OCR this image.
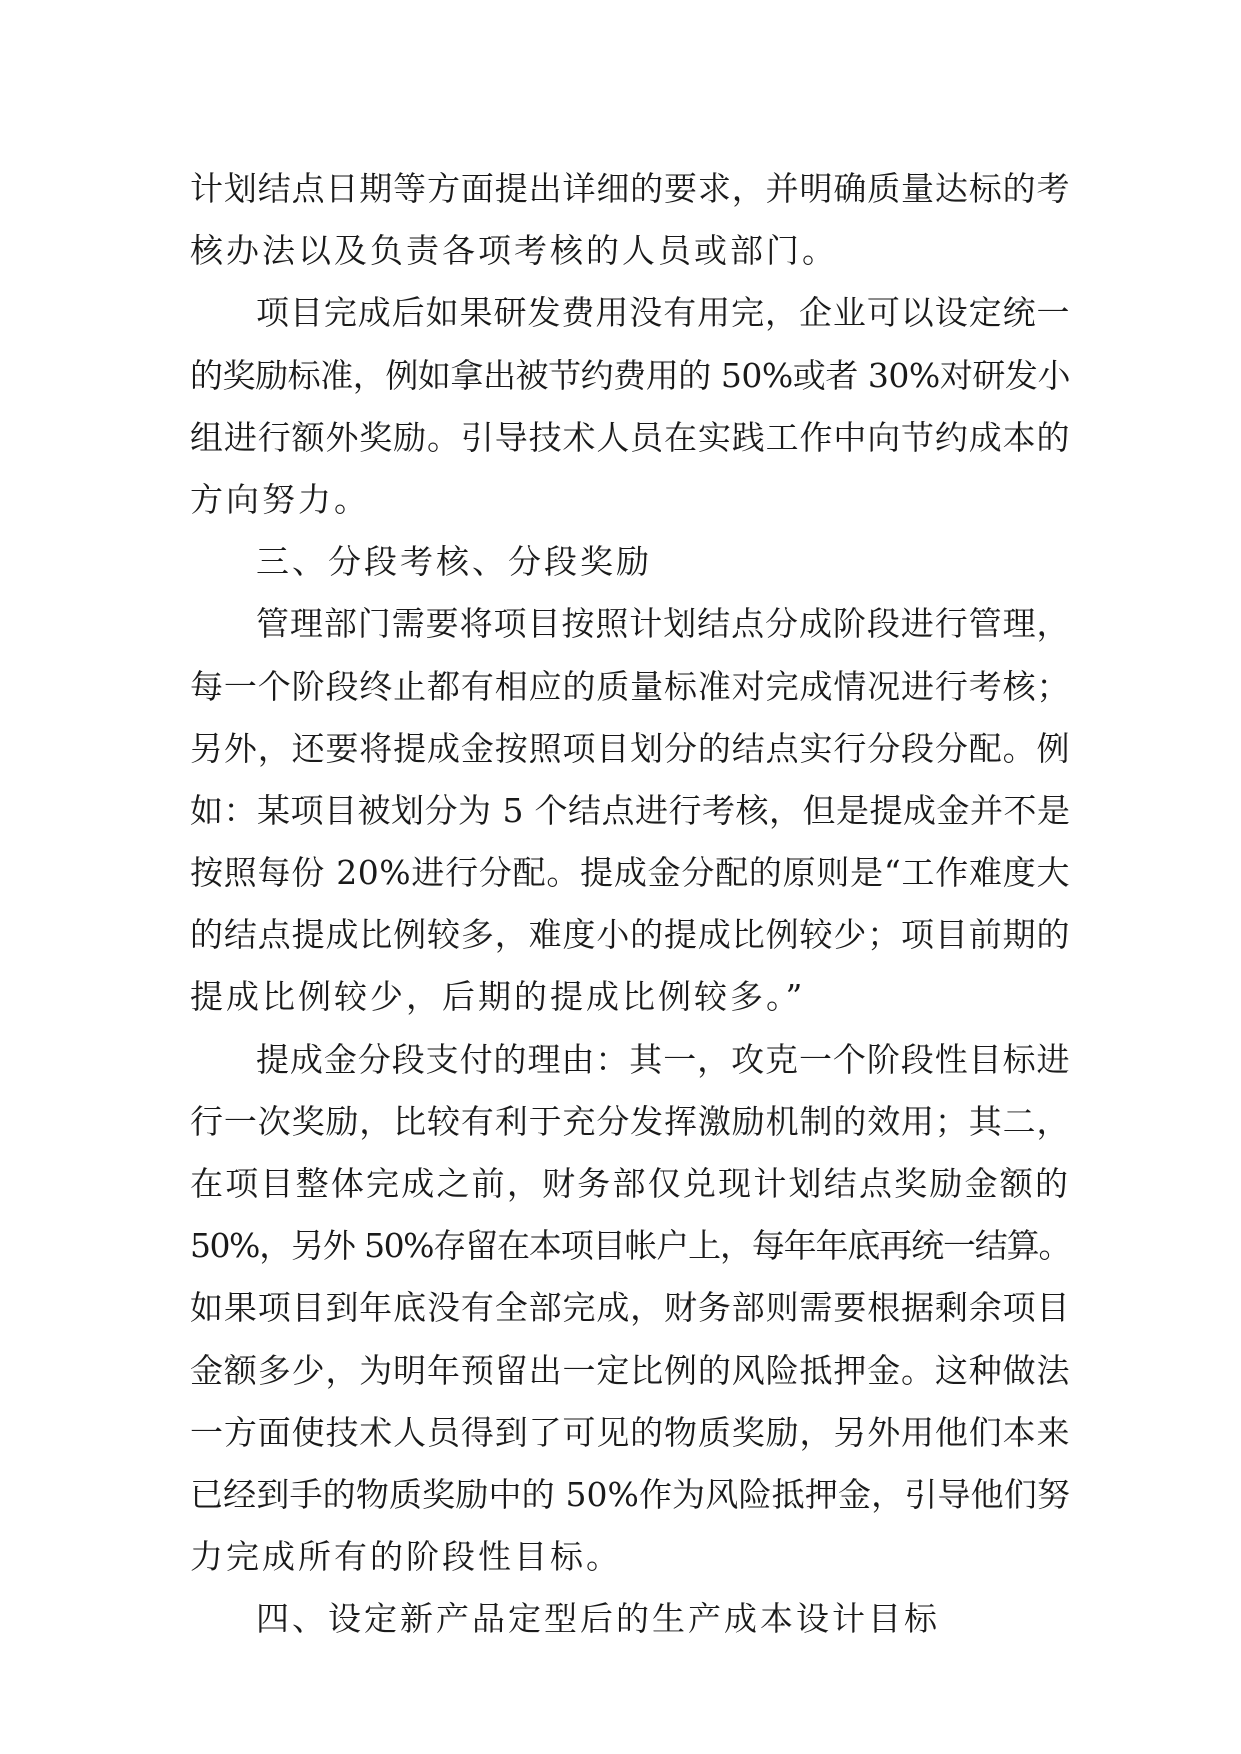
计划结点日期等方面提出详细的要求，并明确质量达标的考
核办法以及负责各项考核的人员或部门。
项目完成后如果研发费用没有用完，企业可以设定统一
的奖励标准，例如拿出被节约费用的 50%或者 30%对研发小
组进行额外奖励。引导技术人员在实践工作中向节约成本的
方向努力。
三、分段考核、分段奖励
管理部门需要将项目按照计划结点分成阶段进行管理，
每一个阶段终止都有相应的质量标准对完成情况进行考核；
另外，还要将提成金按照项目划分的结点实行分段分配。例
如：某项目被划分为 5 个结点进行考核，但是提成金并不是
按照每份 20%进行分配。提成金分配的原则是“工作难度大
的结点提成比例较多，难度小的提成比例较少；项目前期的
提成比例较少，后期的提成比例较多。”
提成金分段支付的理由：其一，攻克一个阶段性目标进
行一次奖励，比较有利于充分发挥激励机制的效用；其二，
在项目整体完成之前，财务部仅兑现计划结点奖励金额的
50%，另外 50%存留在本项目帐户上，每年年底再统一结算。
如果项目到年底没有全部完成，财务部则需要根据剩余项目
金额多少，为明年预留出一定比例的风险抵押金。这种做法
一方面使技术人员得到了可见的物质奖励，另外用他们本来
已经到手的物质奖励中的 50%作为风险抵押金，引导他们努
力完成所有的阶段性目标。
四、设定新产品定型后的生产成本设计目标
